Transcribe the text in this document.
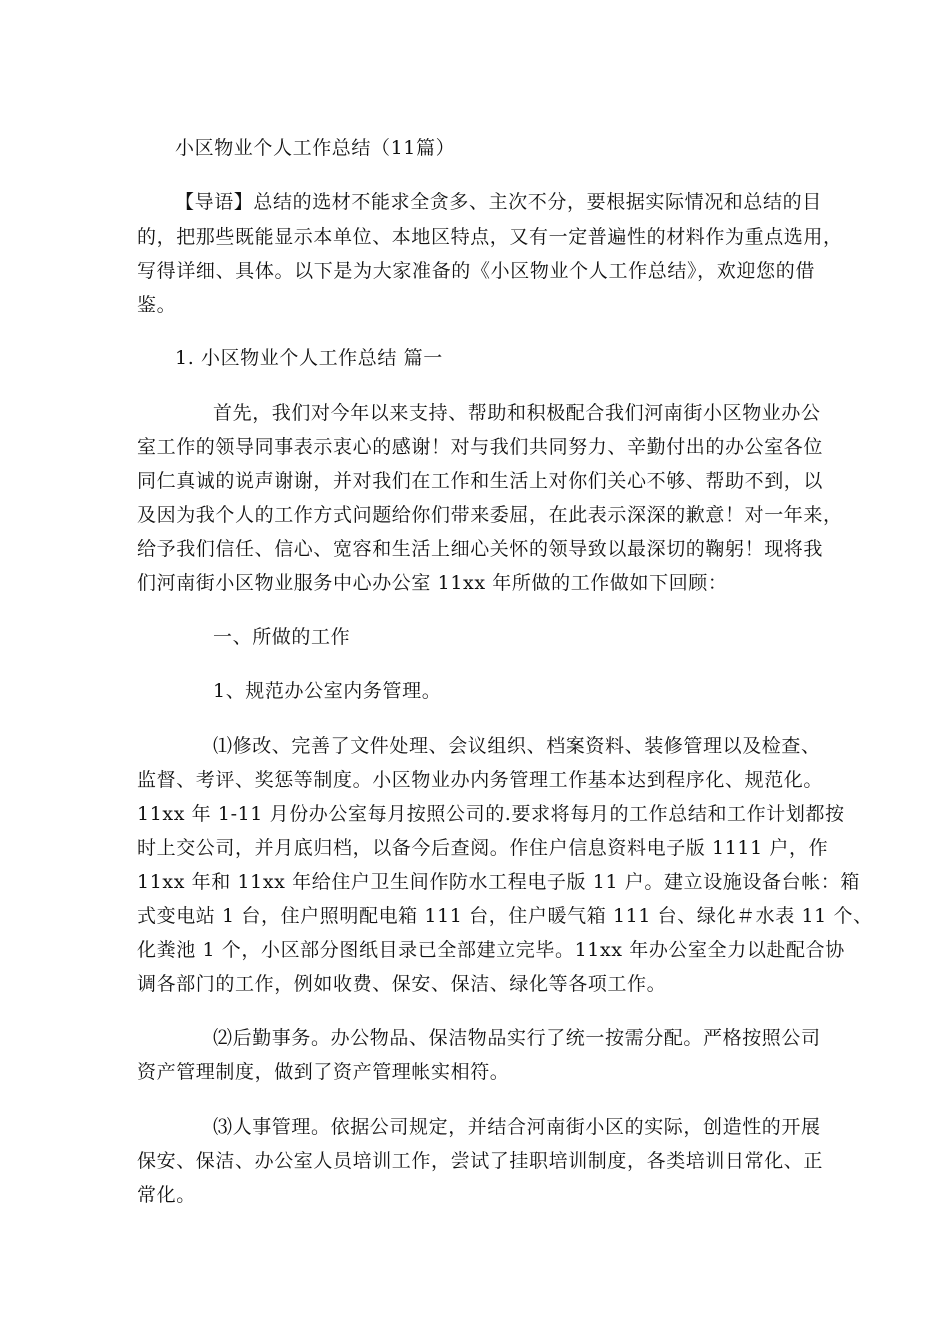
小区物业个人工作总结（11篇）
【导语】总结的选材不能求全贪多、主次不分，要根据实际情况和总结的目
的，把那些既能显示本单位、本地区特点，又有一定普遍性的材料作为重点选用，
写得详细、具体。以下是为大家准备的《小区物业个人工作总结》，欢迎您的借
鉴。
1. 小区物业个人工作总结 篇一
首先，我们对今年以来支持、帮助和积极配合我们河南街小区物业办公
室工作的领导同事表示衷心的感谢！对与我们共同努力、辛勤付出的办公室各位
同仁真诚的说声谢谢，并对我们在工作和生活上对你们关心不够、帮助不到，以
及因为我个人的工作方式问题给你们带来委屈，在此表示深深的歉意！对一年来，
给予我们信任、信心、宽容和生活上细心关怀的领导致以最深切的鞠躬！现将我
们河南街小区物业服务中心办公室 11xx 年所做的工作做如下回顾：
一、所做的工作
1、规范办公室内务管理。
⑴修改、完善了文件处理、会议组织、档案资料、装修管理以及检查、
监督、考评、奖惩等制度。小区物业办内务管理工作基本达到程序化、规范化。
11xx 年 1-11 月份办公室每月按照公司的.要求将每月的工作总结和工作计划都按
时上交公司，并月底归档，以备今后查阅。作住户信息资料电子版 1111 户，作
11xx 年和 11xx 年给住户卫生间作防水工程电子版 11 户。建立设施设备台帐：箱
式变电站 1 台，住户照明配电箱 111 台，住户暖气箱 111 台、绿化＃水表 11 个、
化粪池 1 个，小区部分图纸目录已全部建立完毕。11xx 年办公室全力以赴配合协
调各部门的工作，例如收费、保安、保洁、绿化等各项工作。
⑵后勤事务。办公物品、保洁物品实行了统一按需分配。严格按照公司
资产管理制度，做到了资产管理帐实相符。
⑶人事管理。依据公司规定，并结合河南街小区的实际，创造性的开展
保安、保洁、办公室人员培训工作，尝试了挂职培训制度，各类培训日常化、正
常化。
